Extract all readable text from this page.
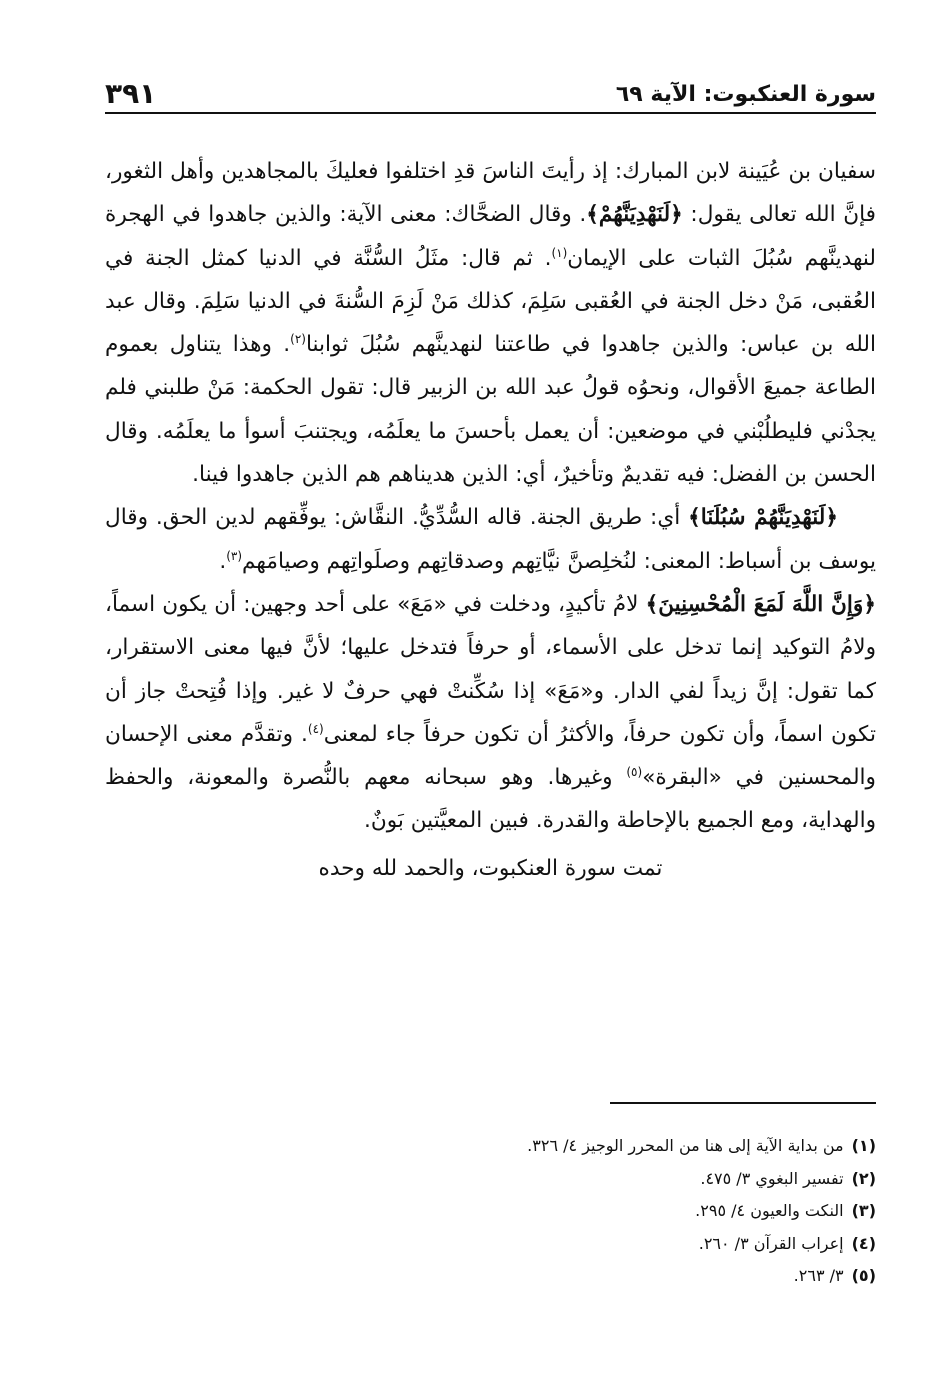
سورة العنكبوت: الآية ٦٩
٣٩١

سفيان بن عُيَينة لابن المبارك: إذ رأيتَ الناسَ قدِ اختلفوا فعليكَ بالمجاهدين وأهل الثغور، فإنَّ الله تعالى يقول: ﴿لَنَهْدِيَنَّهُمْ﴾. وقال الضحَّاك: معنى الآية: والذين جاهدوا في الهجرة لنهدينَّهم سُبُلَ الثبات على الإيمان$^{(١)}$. ثم قال: مثَلُ السُّنَّة في الدنيا كمثل الجنة في العُقبى، مَنْ دخل الجنة في العُقبى سَلِمَ، كذلك مَنْ لَزِمَ السُّنةَ في الدنيا سَلِمَ. وقال عبد الله بن عباس: والذين جاهدوا في طاعتنا لنهدينَّهم سُبُلَ ثوابنا$^{(٢)}$. وهذا يتناول بعموم الطاعة جميعَ الأقوال، ونحوُه قولُ عبد الله بن الزبير قال: تقول الحكمة: مَنْ طلبني فلم يجدْني فليطلُبْني في موضعين: أن يعمل بأحسنَ ما يعلَمُه، ويجتنبَ أسوأ ما يعلَمُه. وقال الحسن بن الفضل: فيه تقديمٌ وتأخيرٌ، أي: الذين هديناهم هم الذين جاهدوا فينا.

﴿لَنَهْدِيَنَّهُمْ سُبُلَنَا﴾ أي: طريق الجنة. قاله السُّدِّيُّ. النقَّاش: يوفِّقهم لدين الحق. وقال يوسف بن أسباط: المعنى: لنُخلِصنَّ نيَّاتِهم وصدقاتِهم وصلَواتِهم وصيامَهم$^{(٣)}$.

﴿وَإِنَّ اللَّهَ لَمَعَ الْمُحْسِنِينَ﴾ لامُ تأكيدٍ، ودخلت في «مَعَ» على أحد وجهين: أن يكون اسماً، ولامُ التوكيد إنما تدخل على الأسماء، أو حرفاً فتدخل عليها؛ لأنَّ فيها معنى الاستقرار، كما تقول: إنَّ زيداً لفي الدار. و«مَعَ» إذا سُكِّنتْ فهي حرفٌ لا غير. وإذا فُتِحتْ جاز أن تكون اسماً، وأن تكون حرفاً، والأكثرُ أن تكون حرفاً جاء لمعنى$^{(٤)}$. وتقدَّم معنى الإحسان والمحسنين في «البقرة»$^{(٥)}$ وغيرها. وهو سبحانه معهم بالنُّصرة والمعونة، والحفظ والهداية، ومع الجميع بالإحاطة والقدرة. فبين المعيَّتين بَونٌ.

تمت سورة العنكبوت، والحمد لله وحده

(١)
من بداية الآية إلى هنا من المحرر الوجيز ٤/ ٣٢٦.
(٢)
تفسير البغوي ٣/ ٤٧٥.
(٣)
النكت والعيون ٤/ ٢٩٥.
(٤)
إعراب القرآن ٣/ ٢٦٠.
(٥)
٣/ ٢٦٣.
